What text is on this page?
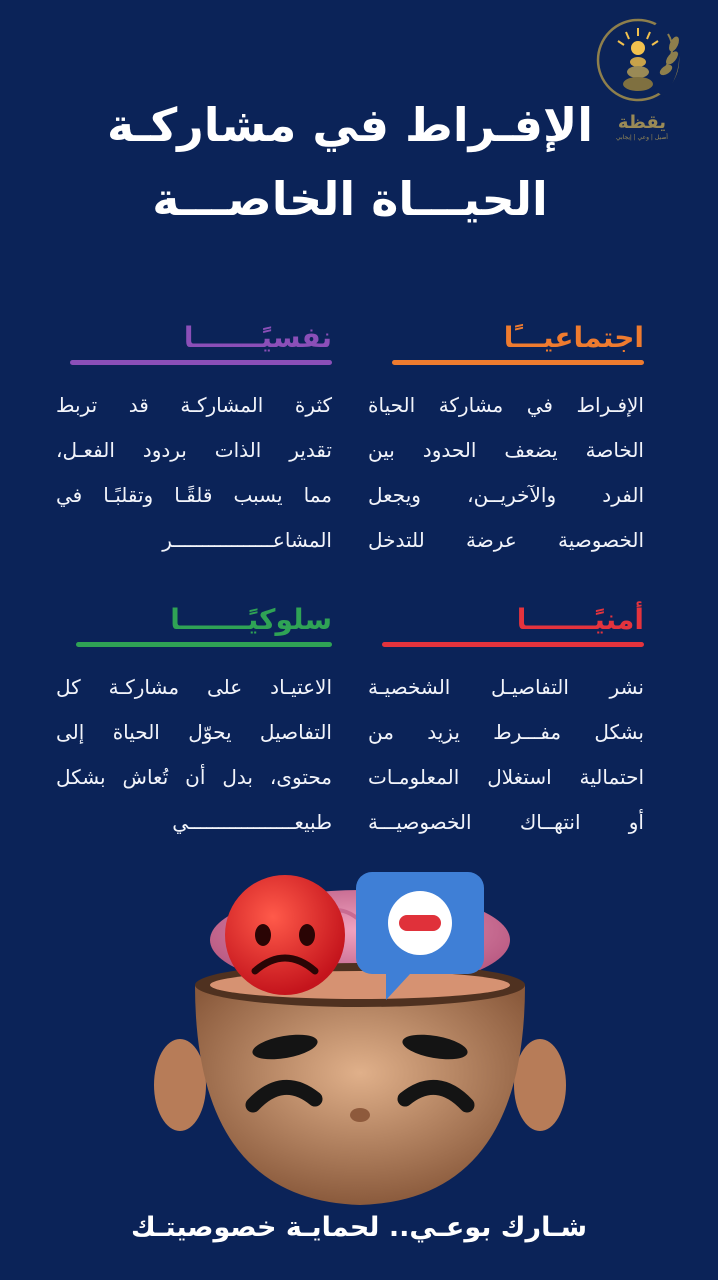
يقظة
أصيل | وعي | إيجابي
الإفـراط في مشاركـة
الحيـــاة الخاصـــة
اجتماعيـــًا
الإفـراط في مشاركة الحياة
الخاصة يضعف الحدود بين
الفرد والآخريــن، ويجعل
الخصوصية عرضة للتدخل
نفسيًـــــــا
كثرة المشاركـة قد تربط
تقدير الذات بردود الفعـل،
مما يسبب قلقًـا وتقلبًـا في
المشاعـــــــــــــــــر
أمنيًـــــــا
نشر التفاصيـل الشخصيـة
بشكل مفـــرط يزيد من
احتمالية استغلال المعلومـات
أو انتهــاك الخصوصيـــة
سلوكيًـــــــا
الاعتيـاد على مشاركـة كل
التفاصيل يحوّل الحياة إلى
محتوى، بدل أن تُعاش بشكل
طبيعــــــــــــــــــي
شـارك بوعـي.. لحمايـة خصوصيتـك
